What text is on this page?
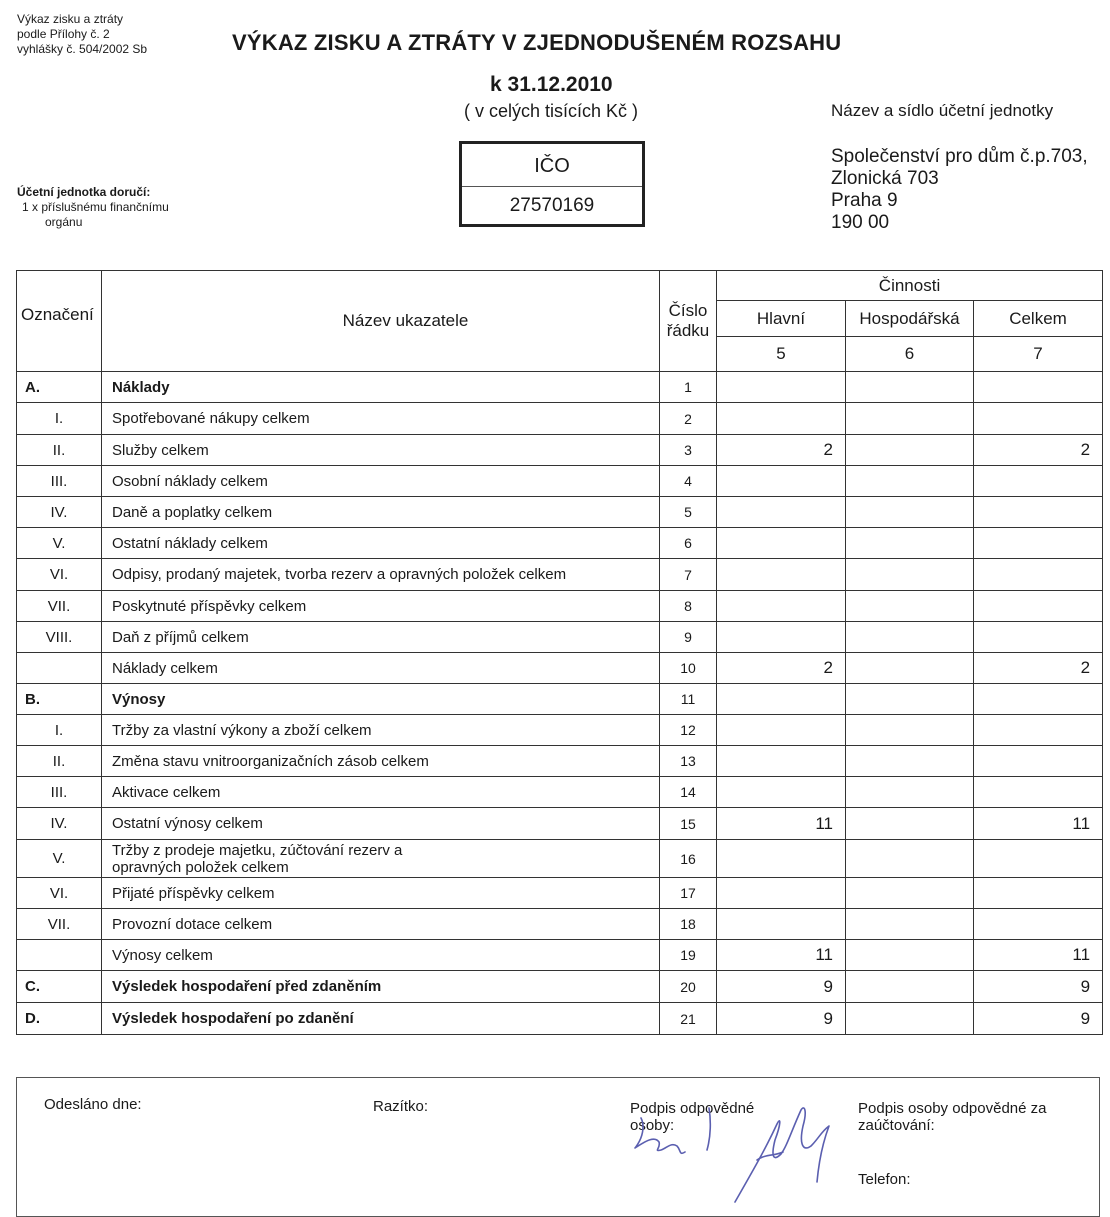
Výkaz zisku a ztráty
podle Přílohy č. 2
vyhlášky č. 504/2002 Sb	VÝKAZ ZISKU A ZTRÁTY V ZJEDNODUŠENÉM ROZSAHU
k 31.12.2010
( v celých tisících Kč )
IČO
27570169
Účetní jednotka doručí:
1 x příslušnému finančnímu
orgánu
Název a sídlo účetní jednotky
Společenství pro dům č.p.703,
Zlonická 703
Praha 9
190 00
Označení	Název ukazatele	Číslo řádku	Činnosti		
			Hlavní	Hospodářská	Celkem
			5	6	7
A.	Náklady	1			
I.	Spotřebované nákupy celkem	2			
II.	Služby celkem	3	2		2
III.	Osobní náklady celkem	4			
IV.	Daně a poplatky celkem	5			
V.	Ostatní náklady celkem	6			
VI.	Odpisy, prodaný majetek, tvorba rezerv a opravných položek celkem	7			
VII.	Poskytnuté příspěvky celkem	8			
VIII.	Daň z příjmů celkem	9			
	Náklady celkem	10	2		2
B.	Výnosy	11			
I.	Tržby za vlastní výkony a zboží celkem	12			
II.	Změna stavu vnitroorganizačních zásob celkem	13			
III.	Aktivace celkem	14			
IV.	Ostatní výnosy celkem	15	11		11
V.	Tržby z prodeje majetku, zúčtování rezerv a opravných položek celkem	16			
VI.	Přijaté příspěvky celkem	17			
VII.	Provozní dotace celkem	18			
	Výnosy celkem	19	11		11
C.	Výsledek hospodaření před zdaněním	20	9		9
D.	Výsledek hospodaření po zdanění	21	9		9
Odesláno dne:	Razítko:	Podpis odpovědné osoby:
Podpis osoby odpovědné za zaúčtování:
Telefon:
